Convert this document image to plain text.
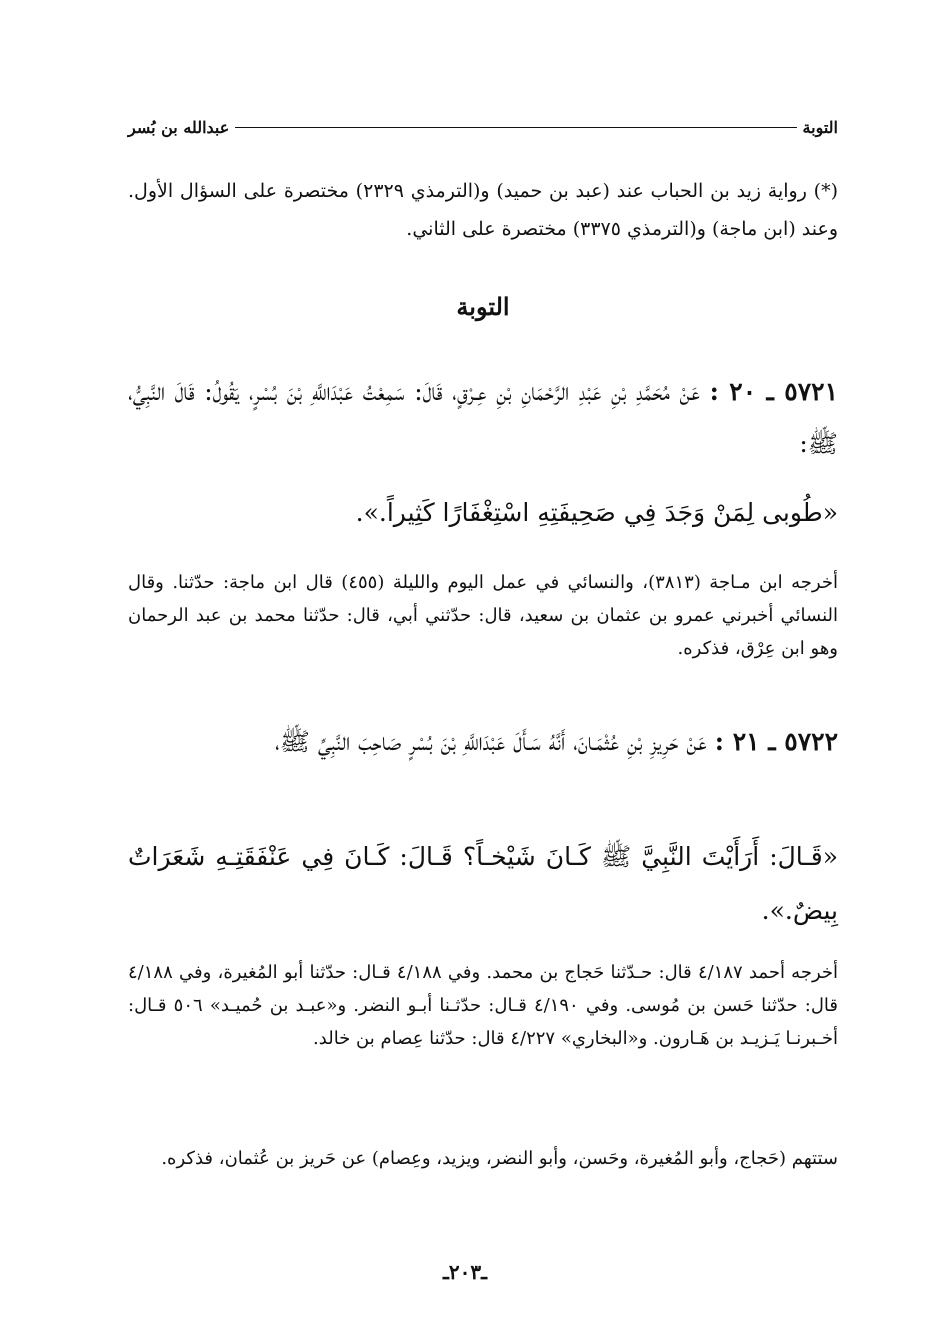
التوبة
عبدالله بن بُسر
(*) رواية زيد بن الحباب عند (عبد بن حميد) و(الترمذي ٢٣٢٩) مختصرة على السؤال الأول. وعند (ابن ماجة) و(الترمذي ٣٣٧٥) مختصرة على الثاني.
التوبة
٥٧٢١ ـ ٢٠ : عَنْ مُحَمَّدِ بْنِ عَبْدِ الرَّحْمَانِ بْنِ عِـرْقٍ، قَالَ: سَمِعْتُ عَبْدَاللَّهِ بْنَ بُسْرٍ، يَقُولُ: قَالَ النَّبِيُّ، ﷺ:
«طُوبى لِمَنْ وَجَدَ فِي صَحِيفَتِهِ اسْتِغْفَارًا كَثِيراً.».
أخرجه ابن مـاجة (٣٨١٣)، والنسائي في عمل اليوم والليلة (٤٥٥) قال ابن ماجة: حدّثنا. وقال النسائي أخبرني عمرو بن عثمان بن سعيد، قال: حدّثني أبي، قال: حدّثنا محمد بن عبد الرحمان وهو ابن عِرْق، فذكره.
٥٧٢٢ ـ ٢١ : عَنْ حَرِيزِ بْنِ عُثْمَـانَ، أَنَّهُ سَـأَلَ عَبْدَاللَّهِ بْنَ بُسْرٍ صَاحِبَ النَّبِيِّ ﷺ،
«قَـالَ: أَرَأَيْتَ النَّبِيَّ ﷺ كَـانَ شَيْخـاً؟ قَـالَ: كَـانَ فِي عَنْفَقَتِـهِ شَعَرَاتٌ بِيضٌ.».
أخرجه أحمد ٤/١٨٧ قال: حـدّثنا حَجاج بن محمد. وفي ٤/١٨٨ قـال: حدّثنا أبو المُغيرة، وفي ٤/١٨٨ قال: حدّثنا حَسن بن مُوسى. وفي ٤/١٩٠ قـال: حدّثـنا أبـو النضر. و«عبـد بن حُميـد» ٥٠٦ قـال: أخـبرنـا يَـزيـد بن هَـارون. و«البخاري» ٤/٢٢٧ قال: حدّثنا عِصام بن خالد.
ستتهم (حَجاج، وأبو المُغيرة، وحَسن، وأبو النضر، ويزيد، وعِصام) عن حَريز بن عُثمان، فذكره.
ـ٢٠٣ـ
